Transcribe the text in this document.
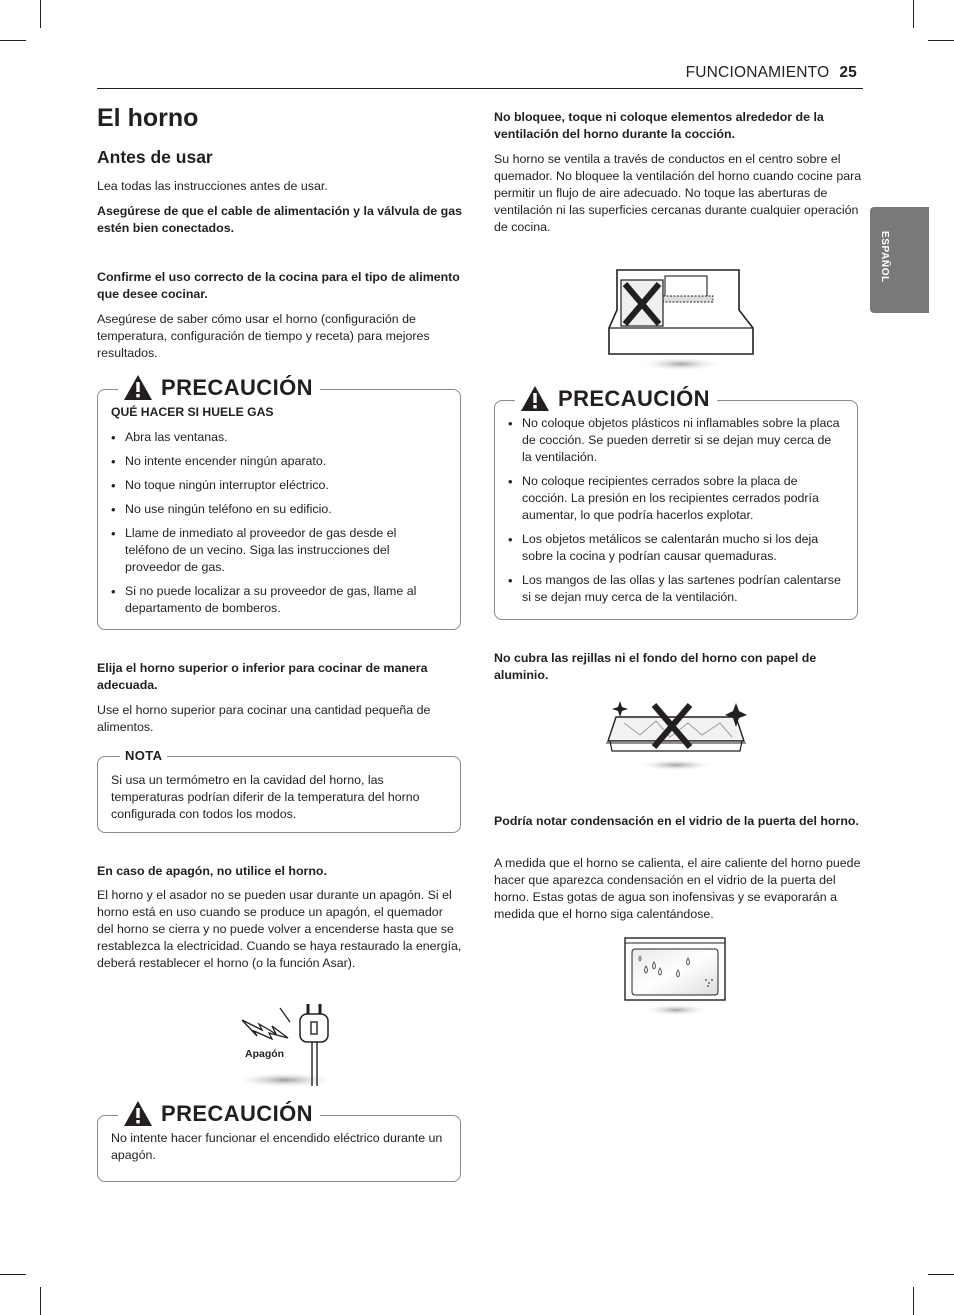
FUNCIONAMIENTO 25
ESPAÑOL
El horno
Antes de usar

Lea todas las instrucciones antes de usar.

Asegúrese de que el cable de alimentación y la válvula de gas estén bien conectados.

Confirme el uso correcto de la cocina para el tipo de alimento que desee cocinar.

Asegúrese de saber cómo usar el horno (configuración de temperatura, configuración de tiempo y receta) para mejores resultados.

PRECAUCIÓN

QUÉ HACER SI HUELE GAS

• Abra las ventanas.
• No intente encender ningún aparato.
• No toque ningún interruptor eléctrico.
• No use ningún teléfono en su edificio.
• Llame de inmediato al proveedor de gas desde el teléfono de un vecino. Siga las instrucciones del proveedor de gas.
• Si no puede localizar a su proveedor de gas, llame al departamento de bomberos.

Elija el horno superior o inferior para cocinar de manera adecuada.

Use el horno superior para cocinar una cantidad pequeña de alimentos.

NOTA

Si usa un termómetro en la cavidad del horno, las temperaturas podrían diferir de la temperatura del horno configurada con todos los modos.

En caso de apagón, no utilice el horno.

El horno y el asador no se pueden usar durante un apagón. Si el horno está en uso cuando se produce un apagón, el quemador del horno se cierra y no puede volver a encenderse hasta que se restablezca la electricidad. Cuando se haya restaurado la energía, deberá restablecer el horno (o la función Asar).

Apagón
PRECAUCIÓN

No intente hacer funcionar el encendido eléctrico durante un apagón.

No bloquee, toque ni coloque elementos alrededor de la ventilación del horno durante la cocción.

Su horno se ventila a través de conductos en el centro sobre el quemador. No bloquee la ventilación del horno cuando cocine para permitir un flujo de aire adecuado. No toque las aberturas de ventilación ni las superficies cercanas durante cualquier operación de cocina.

PRECAUCIÓN
• No coloque objetos plásticos ni inflamables sobre la placa de cocción. Se pueden derretir si se dejan muy cerca de la ventilación.
• No coloque recipientes cerrados sobre la placa de cocción. La presión en los recipientes cerrados podría aumentar, lo que podría hacerlos explotar.
• Los objetos metálicos se calentarán mucho si los deja sobre la cocina y podrían causar quemaduras.
• Los mangos de las ollas y las sartenes podrían calentarse si se dejan muy cerca de la ventilación.

No cubra las rejillas ni el fondo del horno con papel de aluminio.

Podría notar condensación en el vidrio de la puerta del horno.

A medida que el horno se calienta, el aire caliente del horno puede hacer que aparezca condensación en el vidrio de la puerta del horno. Estas gotas de agua son inofensivas y se evaporarán a medida que el horno siga calentándose.
